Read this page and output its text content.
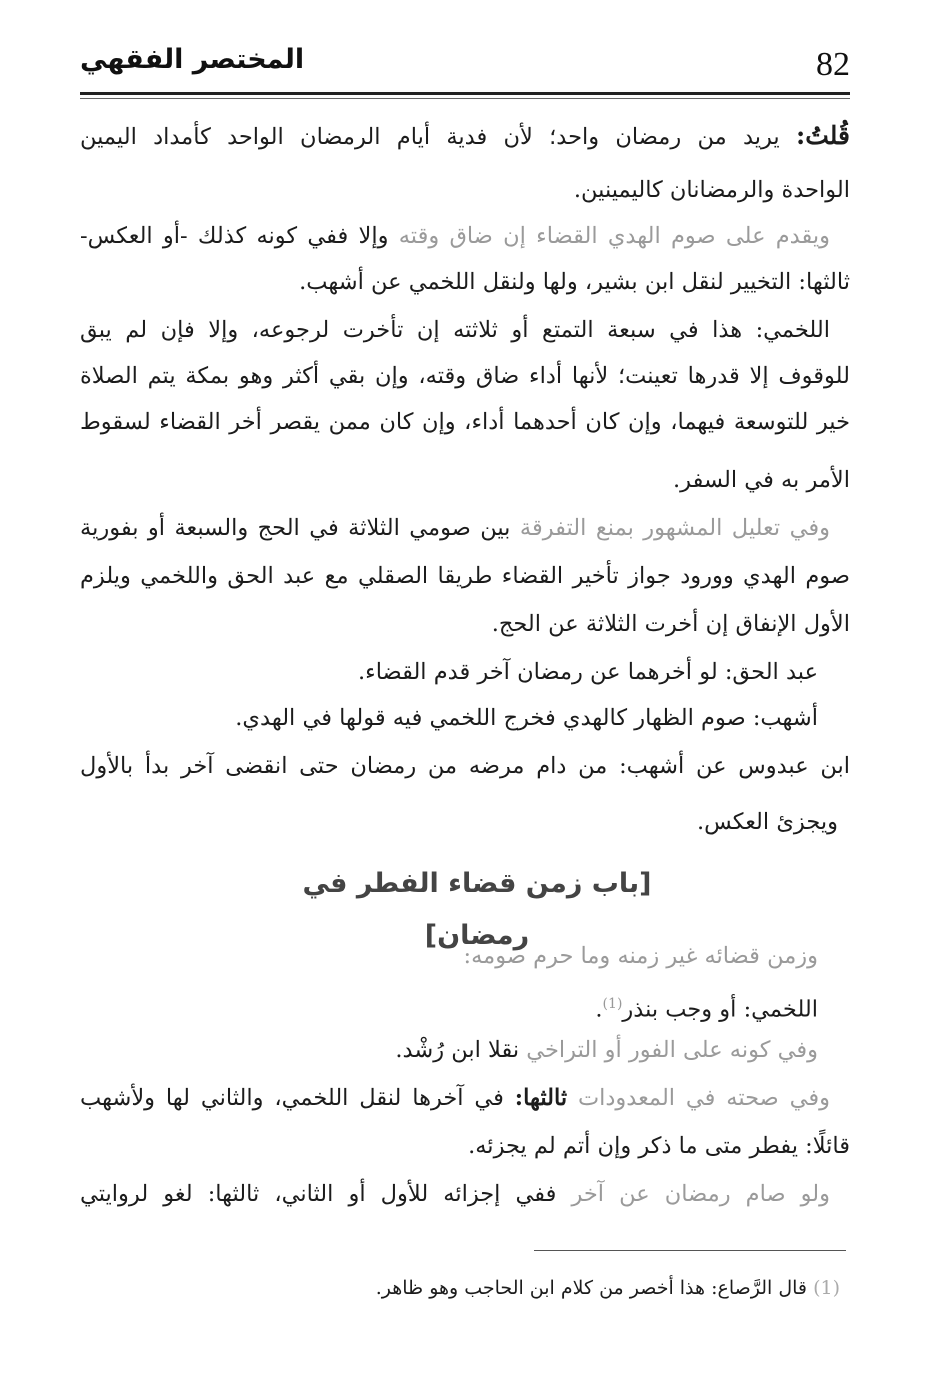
82
المختصر الفقهي
قُلتُ: يريد من رمضان واحد؛ لأن فدية أيام الرمضان الواحد كأمداد اليمين
الواحدة والرمضانان كاليمينين.
ويقدم على صوم الهدي القضاء إن ضاق وقته وإلا ففي كونه كذلك -أو العكس-
ثالثها: التخيير لنقل ابن بشير، ولها ولنقل اللخمي عن أشهب.
اللخمي: هذا في سبعة التمتع أو ثلاثته إن تأخرت لرجوعه، وإلا فإن لم يبق
للوقوف إلا قدرها تعينت؛ لأنها أداء ضاق وقته، وإن بقي أكثر وهو بمكة يتم الصلاة
خير للتوسعة فيهما، وإن كان أحدهما أداء، وإن كان ممن يقصر أخر القضاء لسقوط
الأمر به في السفر.
وفي تعليل المشهور بمنع التفرقة بين صومي الثلاثة في الحج والسبعة أو بفورية
صوم الهدي وورود جواز تأخير القضاء طريقا الصقلي مع عبد الحق واللخمي ويلزم
الأول الإنفاق إن أخرت الثلاثة عن الحج.
عبد الحق: لو أخرهما عن رمضان آخر قدم القضاء.
أشهب: صوم الظهار كالهدي فخرج اللخمي فيه قولها في الهدي.
ابن عبدوس عن أشهب: من دام مرضه من رمضان حتى انقضى آخر بدأ بالأول
ويجزئ العكس.
[باب زمن قضاء الفطر في رمضان]
وزمن قضائه غير زمنه وما حرم صومه:
اللخمي: أو وجب بنذر$^{(1)}$.
وفي كونه على الفور أو التراخي نقلا ابن رُشْد.
وفي صحته في المعدودات ثالثها: في آخرها لنقل اللخمي، والثاني لها ولأشهب
قائلًا: يفطر متى ما ذكر وإن أتم لم يجزئه.
ولو صام رمضان عن آخر ففي إجزائه للأول أو الثاني، ثالثها: لغو لروايتي
(1) قال الرَّصاع: هذا أخصر من كلام ابن الحاجب وهو ظاهر.
